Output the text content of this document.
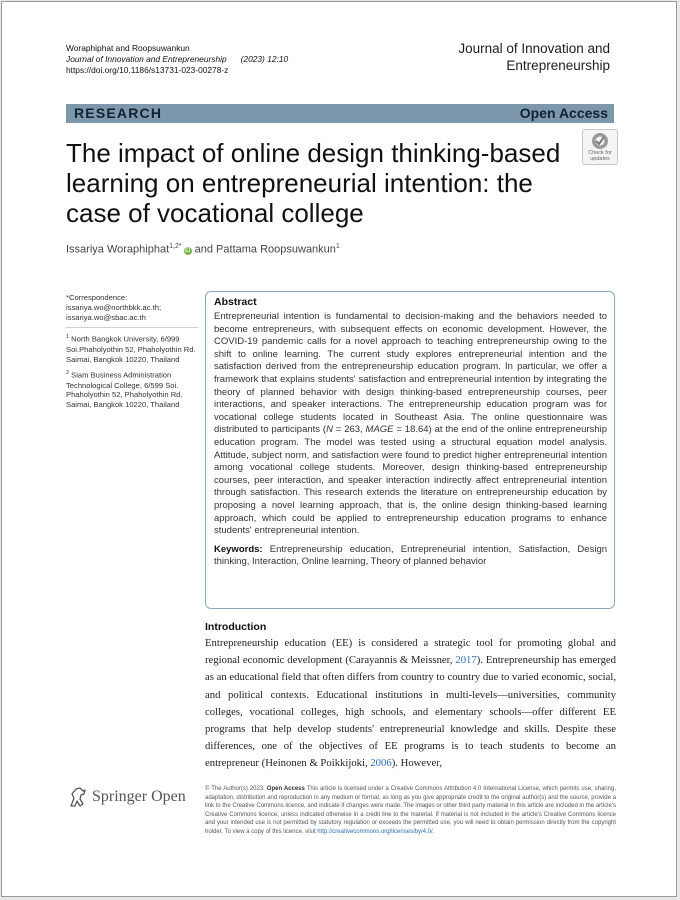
Woraphiphat and Roopsuwankun
Journal of Innovation and Entrepreneurship (2023) 12:10
https://doi.org/10.1186/s13731-023-00278-z
Journal of Innovation and
Entrepreneurship
RESEARCH	Open Access
Check for
updates
The impact of online design thinking-based learning on entrepreneurial intention: the case of vocational college
Issariya Woraphiphat$^{1,2*}$iD and Pattama Roopsuwankun$^1$
*Correspondence: issariya.wo@northbkk.ac.th; issariya.wo@sbac.ac.th
$^1$ North Bangkok University, 6/999 Soi.Phaholyothin 52, Phaholyothin Rd. Saimai, Bangkok 10220, Thailand
$^2$ Siam Business Administration Technological College, 6/599 Soi. Phaholyothin 52, Phaholyothin Rd. Saimai, Bangkok 10220, Thailand
Abstract

Entrepreneurial intention is fundamental to decision-making and the behaviors needed to become entrepreneurs, with subsequent effects on economic development. However, the COVID-19 pandemic calls for a novel approach to teaching entrepreneurship owing to the shift to online learning. The current study explores entrepreneurial intention and the satisfaction derived from the entrepreneurship education program. In particular, we offer a framework that explains students' satisfaction and entrepreneurial intention by integrating the theory of planned behavior with design thinking-based entrepreneurship courses, peer interactions, and speaker interactions. The entrepreneurship education program was for vocational college students located in Southeast Asia. The online questionnaire was distributed to participants (N = 263, MAGE = 18.64) at the end of the online entrepreneurship education program. The model was tested using a structural equation model analysis. Attitude, subject norm, and satisfaction were found to predict higher entrepreneurial intention among vocational college students. Moreover, design thinking-based entrepreneurship courses, peer interaction, and speaker interaction indirectly affect entrepreneurial intention through satisfaction. This research extends the literature on entrepreneurship education by proposing a novel learning approach, that is, the online design thinking-based learning approach, which could be applied to entrepreneurship education programs to enhance students' entrepreneurial intention.

Keywords: Entrepreneurship education, Entrepreneurial intention, Satisfaction, Design thinking, Interaction, Online learning, Theory of planned behavior

Introduction

Entrepreneurship education (EE) is considered a strategic tool for promoting global and regional economic development (Carayannis & Meissner, 2017). Entrepreneurship has emerged as an educational field that often differs from country to country due to varied economic, social, and political contexts. Educational institutions in multi-levels—universities, community colleges, vocational colleges, high schools, and elementary schools—offer different EE programs that help develop students' entrepreneurial knowledge and skills. Despite these differences, one of the objectives of EE programs is to teach students to become an entrepreneur (Heinonen & Poikkijoki, 2006). However,

Springer Open	© The Author(s) 2023. Open Access This article is licensed under a Creative Commons Attribution 4.0 International License, which permits use, sharing, adaptation, distribution and reproduction in any medium or format, as long as you give appropriate credit to the original author(s) and the source, provide a link to the Creative Commons licence, and indicate if changes were made. The images or other third party material in this article are included in the article's Creative Commons licence, unless indicated otherwise in a credit line to the material. If material is not included in the article's Creative Commons licence and your intended use is not permitted by statutory regulation or exceeds the permitted use, you will need to obtain permission directly from the copyright holder. To view a copy of this licence, visit http://creativecommons.org/licenses/by/4.0/.
